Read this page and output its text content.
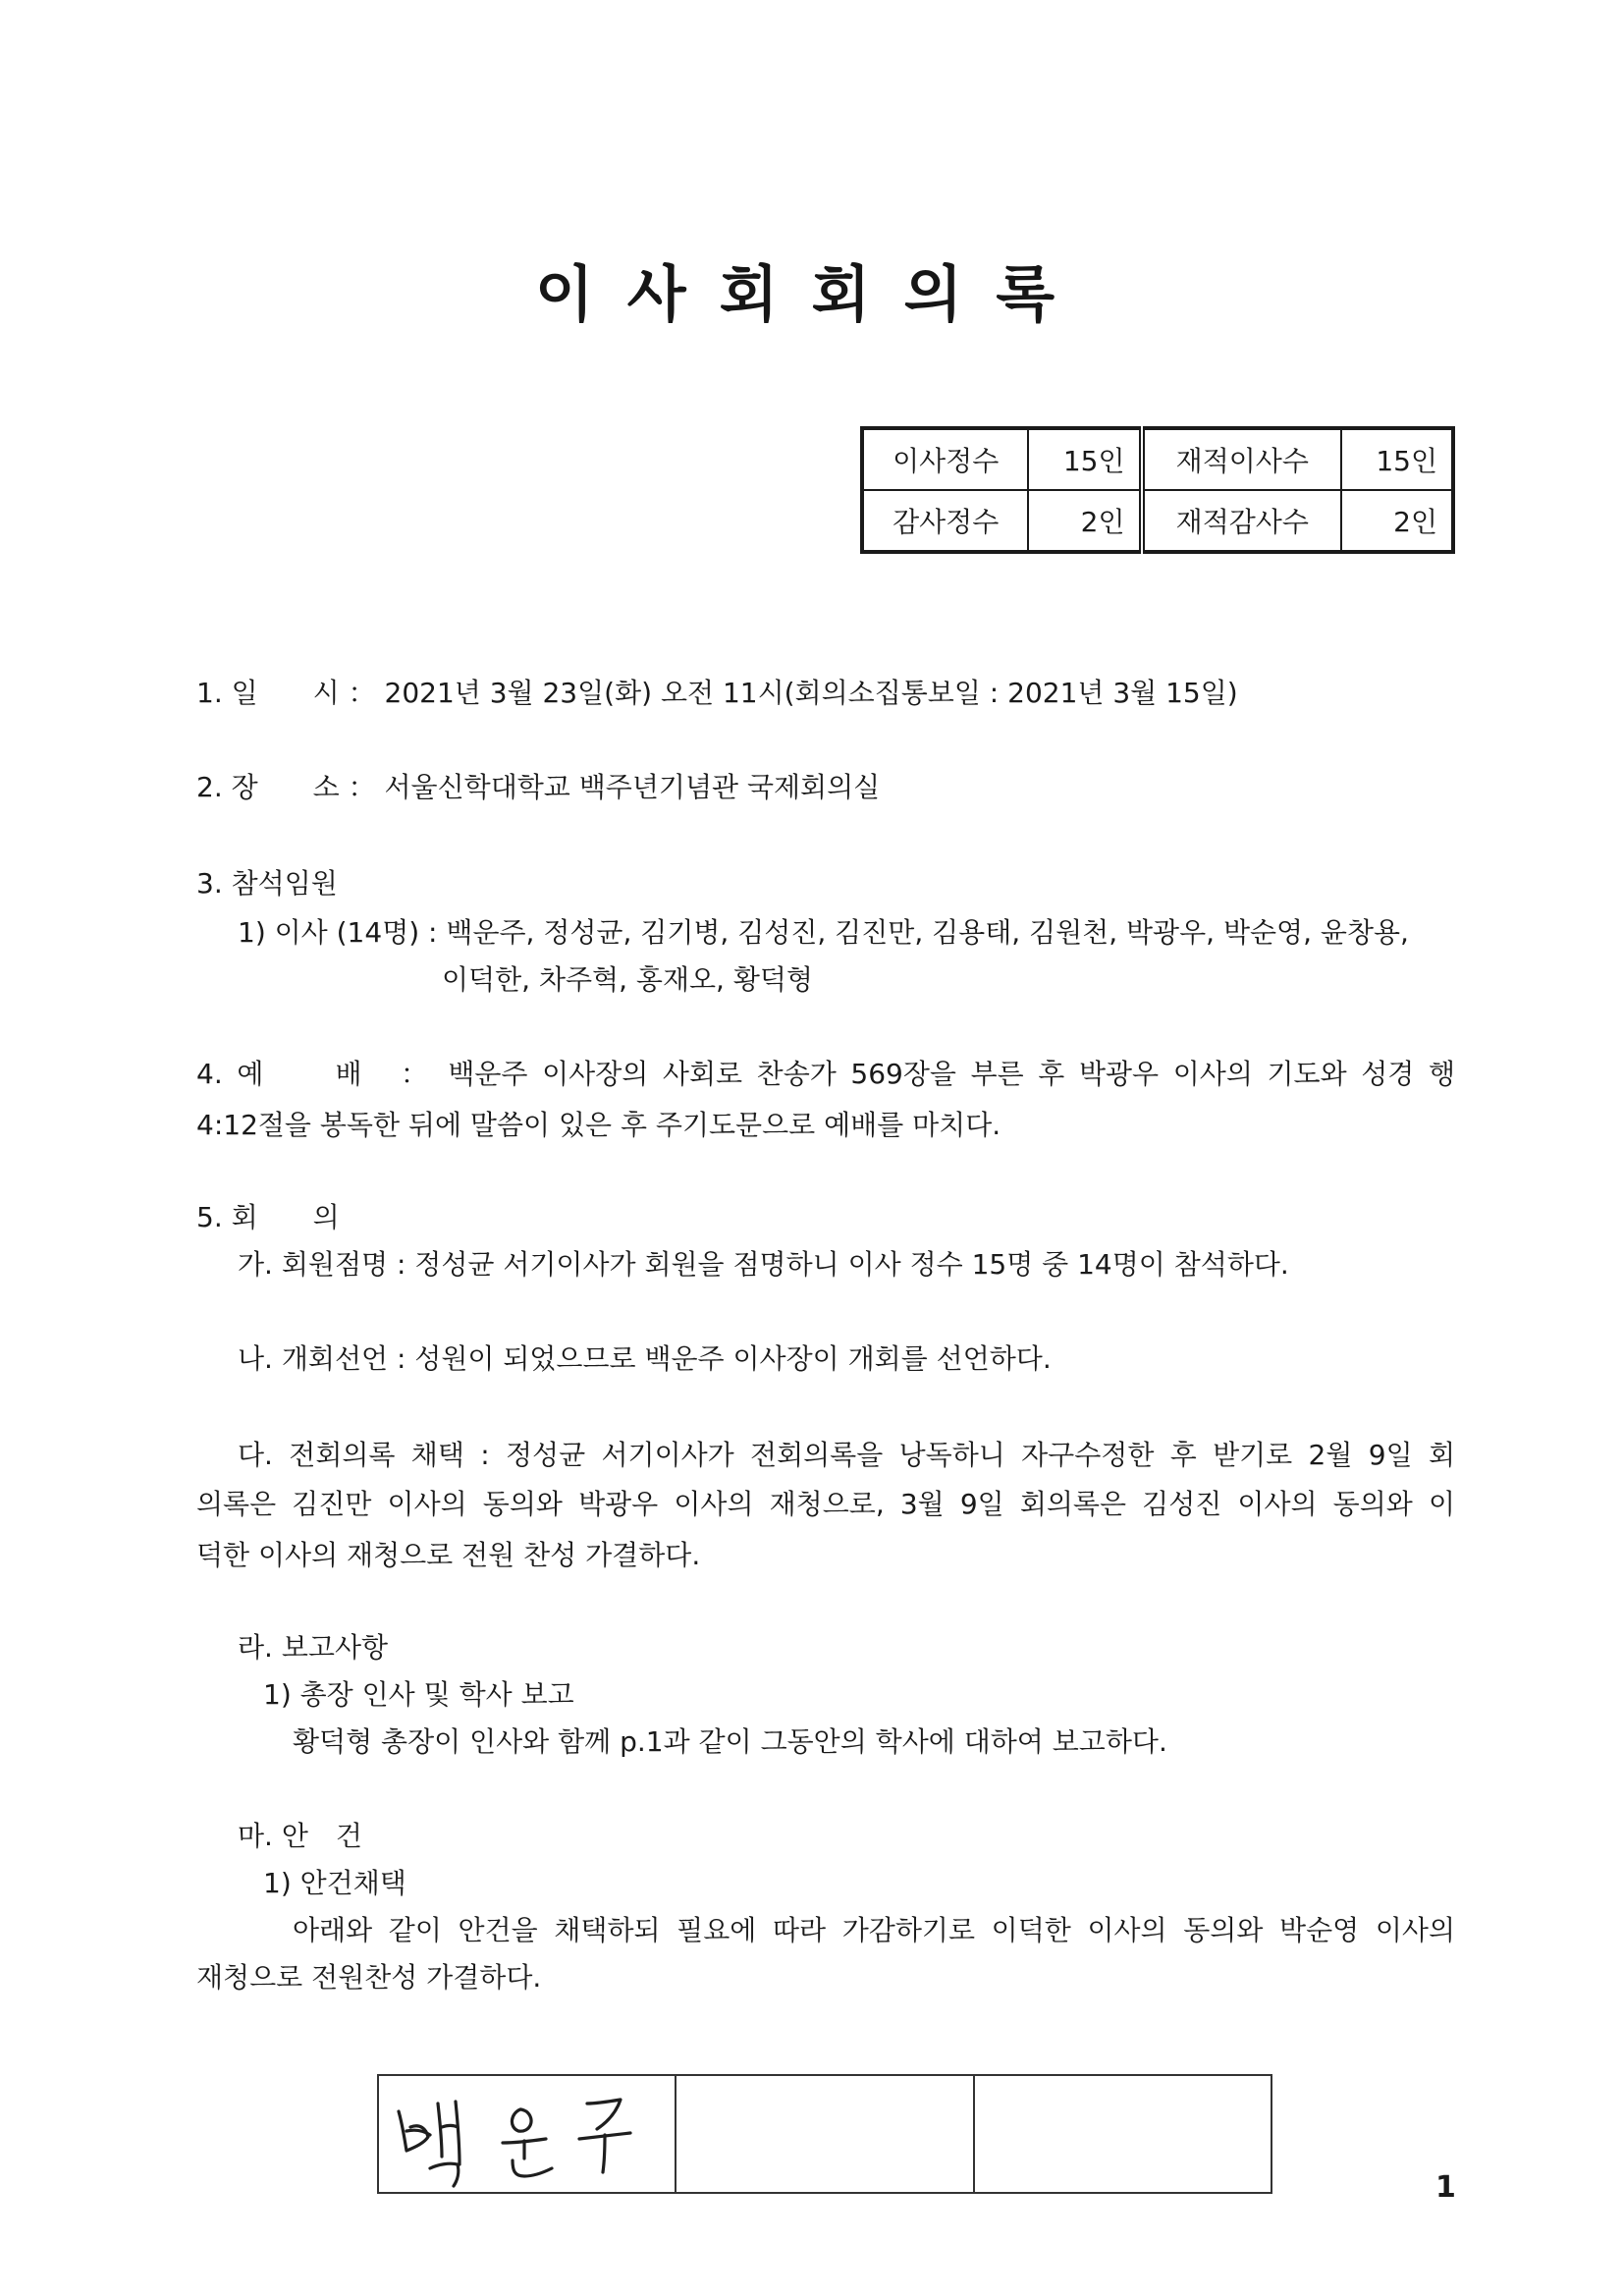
이사회회의록
이사정수	15인	재적이사수	15인
감사정수	2인	재적감사수	2인
1. 일　　시 ： 2021년 3월 23일(화) 오전 11시(회의소집통보일 : 2021년 3월 15일)
2. 장　　소 ： 서울신학대학교 백주년기념관 국제회의실
3. 참석임원
1) 이사 (14명) : 백운주, 정성균, 김기병, 김성진, 김진만, 김용태, 김원천, 박광우, 박순영, 윤창용,
이덕한, 차주혁, 홍재오, 황덕형
4. 예　　배　： 백운주 이사장의 사회로 찬송가 569장을 부른 후 박광우 이사의 기도와 성경 행
4:12절을 봉독한 뒤에 말씀이 있은 후 주기도문으로 예배를 마치다.
5. 회　　의
가. 회원점명 : 정성균 서기이사가 회원을 점명하니 이사 정수 15명 중 14명이 참석하다.
나. 개회선언 : 성원이 되었으므로 백운주 이사장이 개회를 선언하다.
다. 전회의록 채택 : 정성균 서기이사가 전회의록을 낭독하니 자구수정한 후 받기로 2월 9일 회
의록은 김진만 이사의 동의와 박광우 이사의 재청으로, 3월 9일 회의록은 김성진 이사의 동의와 이
덕한 이사의 재청으로 전원 찬성 가결하다.
라. 보고사항
1) 총장 인사 및 학사 보고
황덕형 총장이 인사와 함께 p.1과 같이 그동안의 학사에 대하여 보고하다.
마. 안　건
1) 안건채택
아래와 같이 안건을 채택하되 필요에 따라 가감하기로 이덕한 이사의 동의와 박순영 이사의
재청으로 전원찬성 가결하다.

1
